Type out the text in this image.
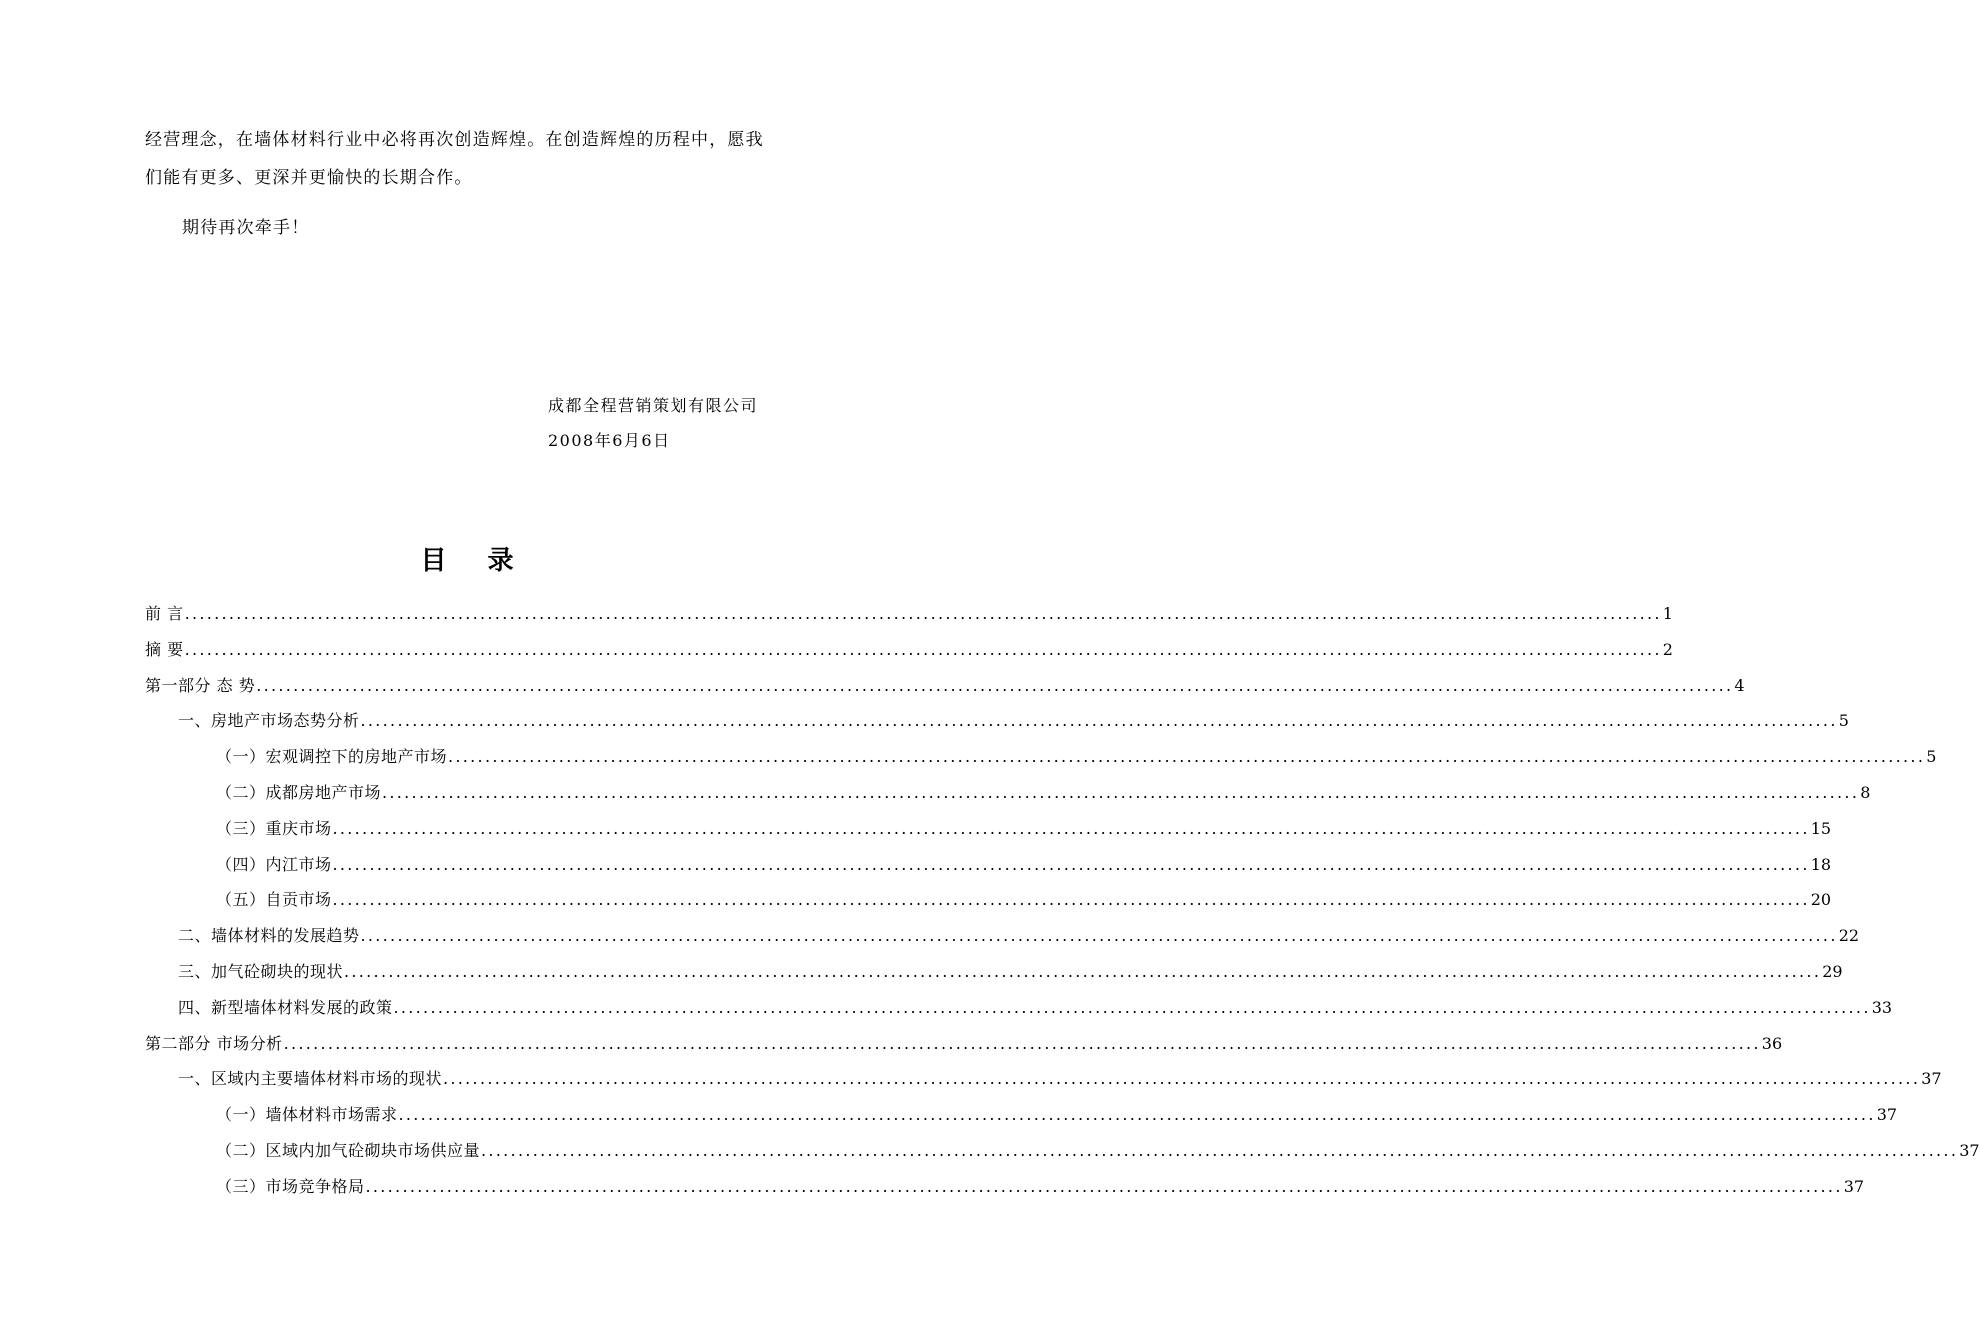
经营理念，在墙体材料行业中必将再次创造辉煌。在创造辉煌的历程中，愿我
们能有更多、更深并更愉快的长期合作。
期待再次牵手！
成都全程营销策划有限公司
2008年6月6日
目 录
前 言 ........................................................................................................................................................................................................ 1
摘 要 ........................................................................................................................................................................................................ 2
第一部分 态 势 ........................................................................................................................................................................................................ 4
一、房地产市场态势分析 ........................................................................................................................................................................................................ 5
（一）宏观调控下的房地产市场 ........................................................................................................................................................................................................ 5
（二）成都房地产市场 ........................................................................................................................................................................................................ 8
（三）重庆市场 ........................................................................................................................................................................................................ 15
（四）内江市场 ........................................................................................................................................................................................................ 18
（五）自贡市场 ........................................................................................................................................................................................................ 20
二、墙体材料的发展趋势 ........................................................................................................................................................................................................ 22
三、加气砼砌块的现状 ........................................................................................................................................................................................................ 29
四、新型墙体材料发展的政策 ........................................................................................................................................................................................................ 33
第二部分 市场分析 ........................................................................................................................................................................................................ 36
一、区域内主要墙体材料市场的现状 ........................................................................................................................................................................................................ 37
（一）墙体材料市场需求 ........................................................................................................................................................................................................ 37
（二）区域内加气砼砌块市场供应量 ........................................................................................................................................................................................................ 37
（三）市场竞争格局 ........................................................................................................................................................................................................ 37
